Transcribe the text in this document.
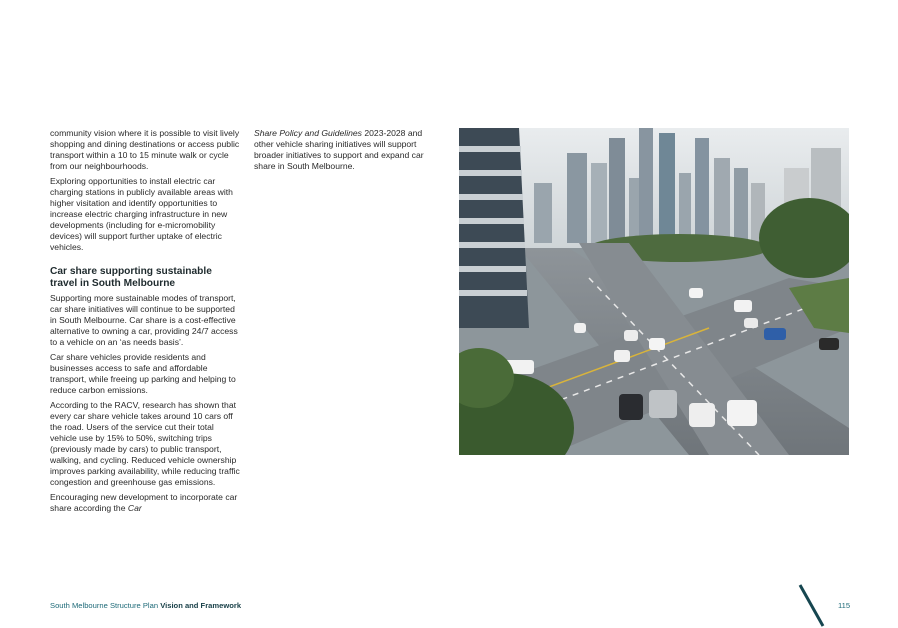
community vision where it is possible to visit lively shopping and dining destinations or access public transport within a 10 to 15 minute walk or cycle from our neighbourhoods.

Exploring opportunities to install electric car charging stations in publicly available areas with higher visitation and identify opportunities to increase electric charging infrastructure in new developments (including for e-micromobility devices) will support further uptake of electric vehicles.

Car share supporting sustainable travel in South Melbourne

Supporting more sustainable modes of transport, car share initiatives will continue to be supported in South Melbourne. Car share is a cost-effective alternative to owning a car, providing 24/7 access to a vehicle on an ‘as needs basis’.

Car share vehicles provide residents and businesses access to safe and affordable transport, while freeing up parking and helping to reduce carbon emissions.

According to the RACV, research has shown that every car share vehicle takes around 10 cars off the road. Users of the service cut their total vehicle use by 15% to 50%, switching trips (previously made by cars) to public transport, walking, and cycling. Reduced vehicle ownership improves parking availability, while reducing traffic congestion and greenhouse gas emissions.

Encouraging new development to incorporate car share according the Car

Share Policy and Guidelines 2023-2028 and other vehicle sharing initiatives will support broader initiatives to support and expand car share in South Melbourne.

South Melbourne Structure Plan Vision and Framework	115
